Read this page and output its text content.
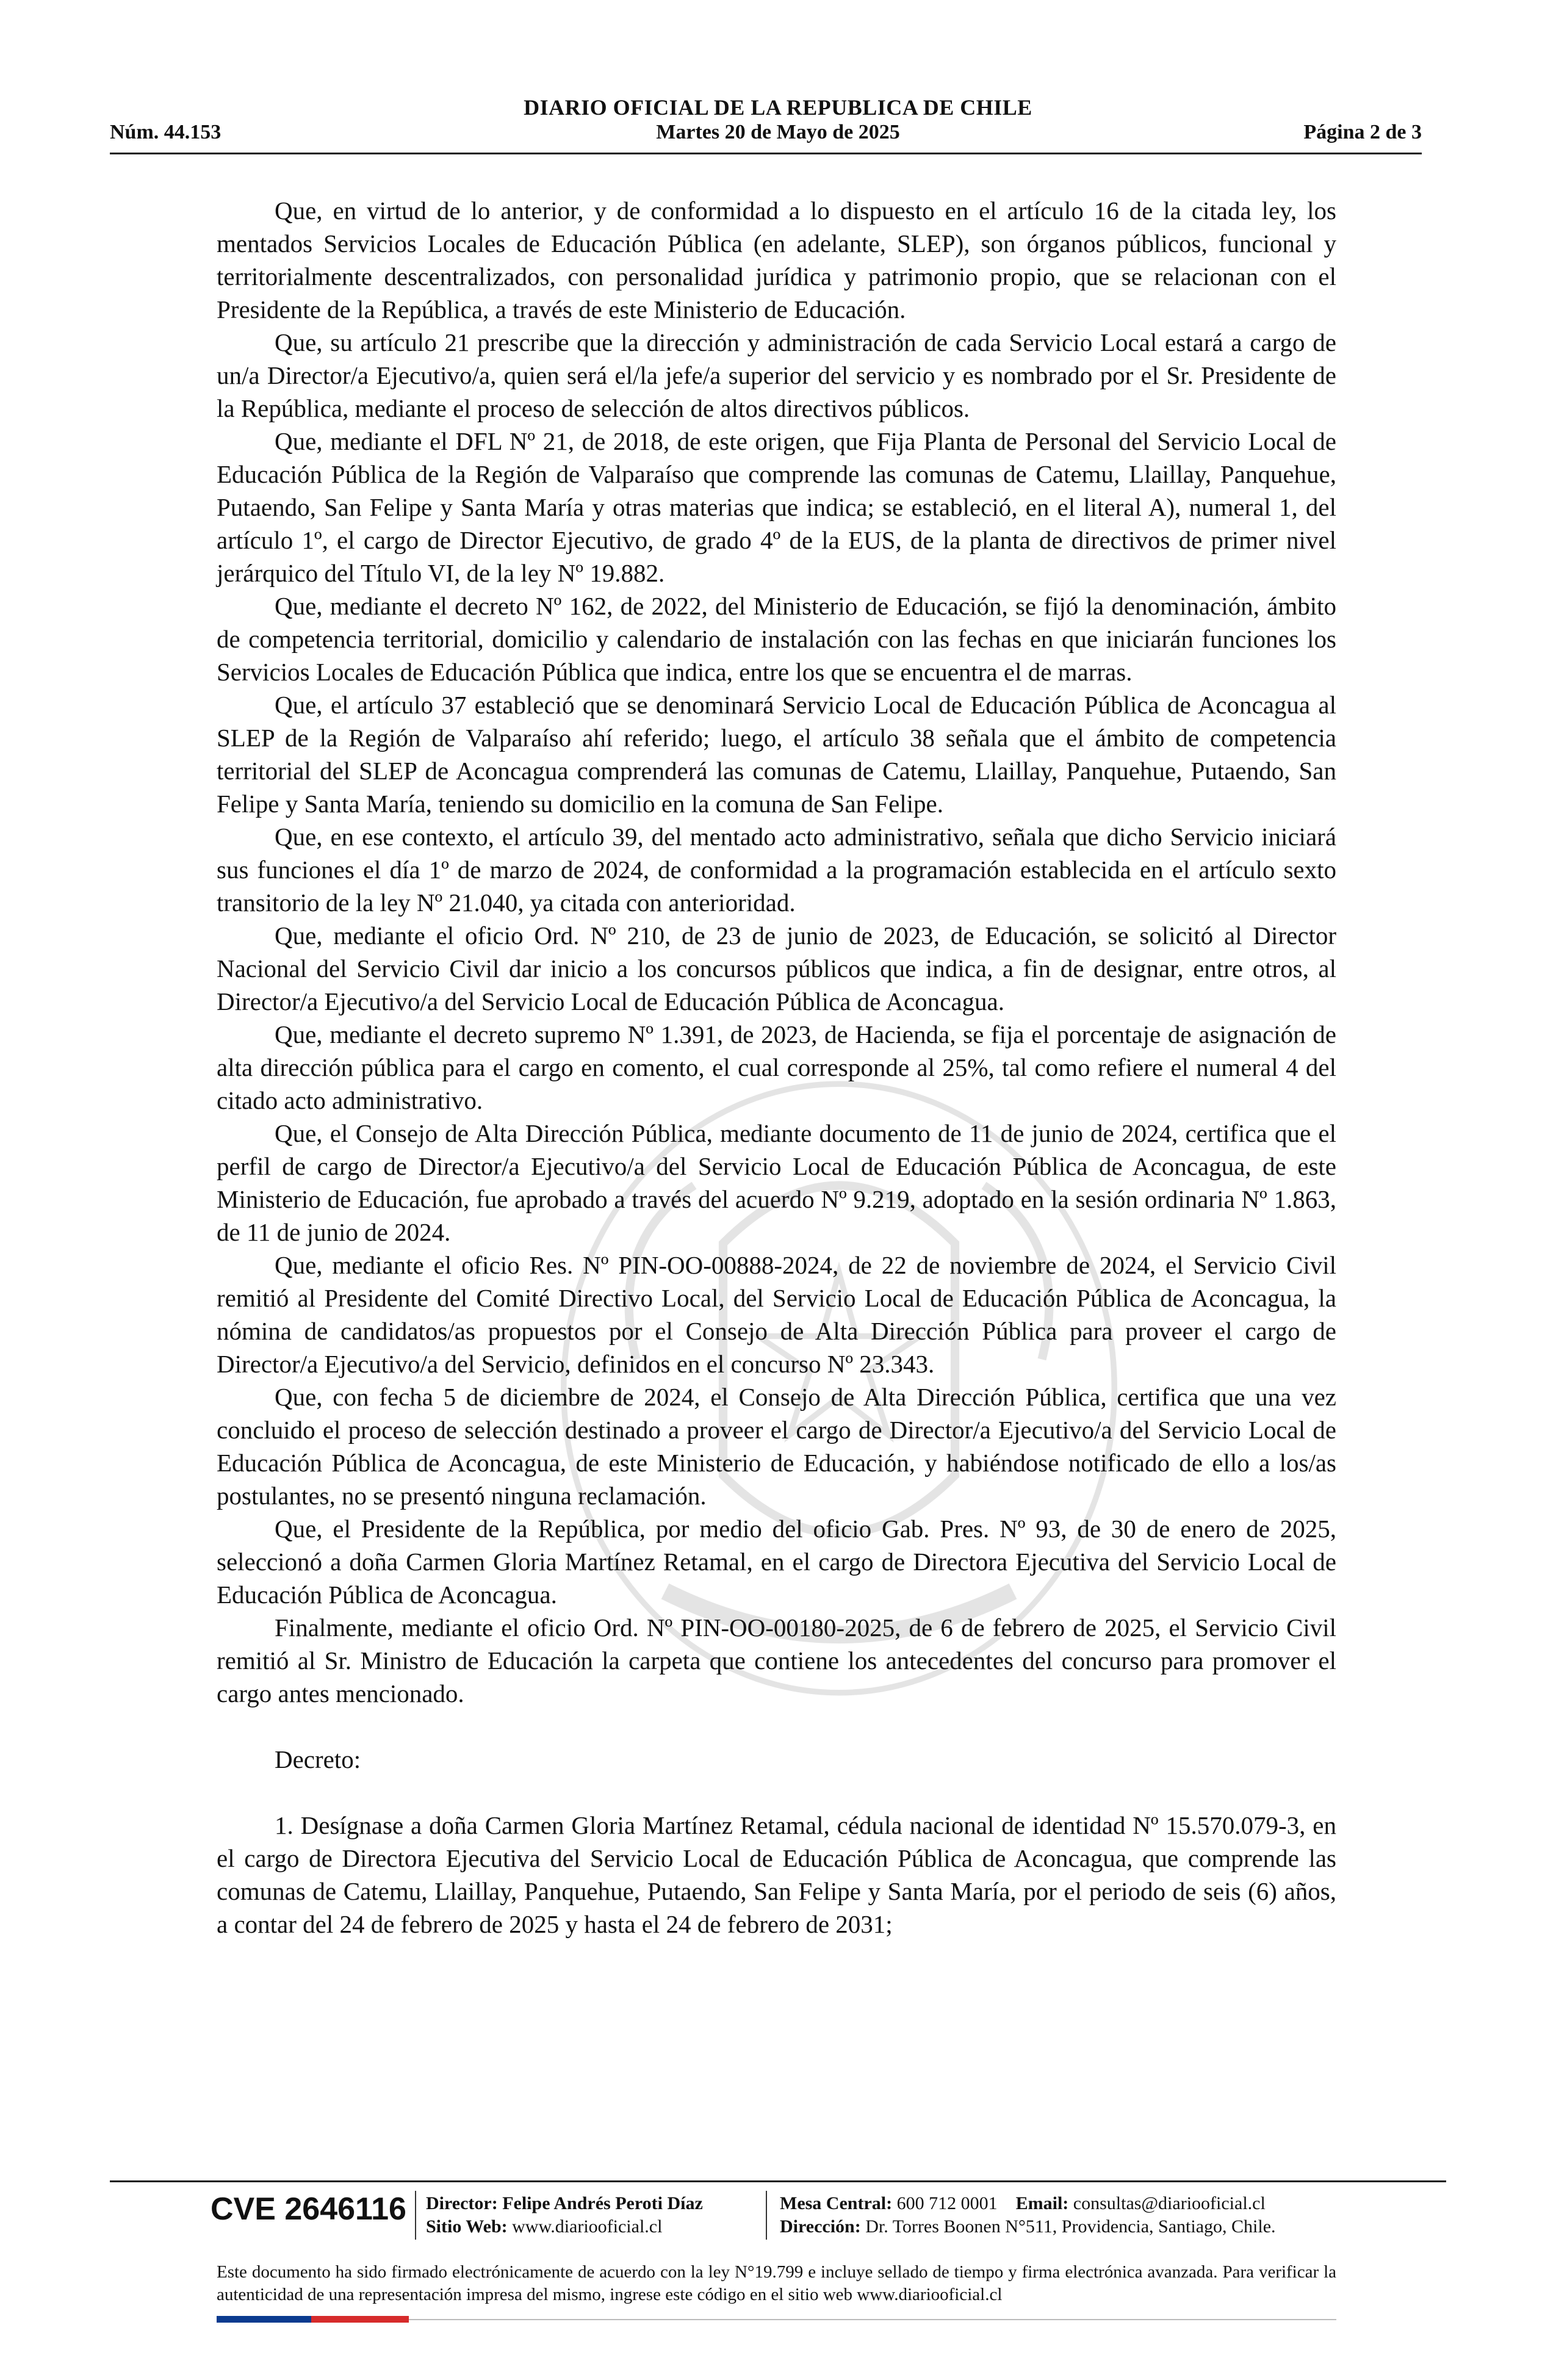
DIARIO OFICIAL DE LA REPUBLICA DE CHILE
Núm. 44.153	Martes 20 de Mayo de 2025	Página 2 de 3

Que, en virtud de lo anterior, y de conformidad a lo dispuesto en el artículo 16 de la citada ley, los mentados Servicios Locales de Educación Pública (en adelante, SLEP), son órganos públicos, funcional y territorialmente descentralizados, con personalidad jurídica y patrimonio propio, que se relacionan con el Presidente de la República, a través de este Ministerio de Educación.

Que, su artículo 21 prescribe que la dirección y administración de cada Servicio Local estará a cargo de un/a Director/a Ejecutivo/a, quien será el/la jefe/a superior del servicio y es nombrado por el Sr. Presidente de la República, mediante el proceso de selección de altos directivos públicos.

Que, mediante el DFL Nº 21, de 2018, de este origen, que Fija Planta de Personal del Servicio Local de Educación Pública de la Región de Valparaíso que comprende las comunas de Catemu, Llaillay, Panquehue, Putaendo, San Felipe y Santa María y otras materias que indica; se estableció, en el literal A), numeral 1, del artículo 1º, el cargo de Director Ejecutivo, de grado 4º de la EUS, de la planta de directivos de primer nivel jerárquico del Título VI, de la ley Nº 19.882.

Que, mediante el decreto Nº 162, de 2022, del Ministerio de Educación, se fijó la denominación, ámbito de competencia territorial, domicilio y calendario de instalación con las fechas en que iniciarán funciones los Servicios Locales de Educación Pública que indica, entre los que se encuentra el de marras.

Que, el artículo 37 estableció que se denominará Servicio Local de Educación Pública de Aconcagua al SLEP de la Región de Valparaíso ahí referido; luego, el artículo 38 señala que el ámbito de competencia territorial del SLEP de Aconcagua comprenderá las comunas de Catemu, Llaillay, Panquehue, Putaendo, San Felipe y Santa María, teniendo su domicilio en la comuna de San Felipe.

Que, en ese contexto, el artículo 39, del mentado acto administrativo, señala que dicho Servicio iniciará sus funciones el día 1º de marzo de 2024, de conformidad a la programación establecida en el artículo sexto transitorio de la ley Nº 21.040, ya citada con anterioridad.

Que, mediante el oficio Ord. Nº 210, de 23 de junio de 2023, de Educación, se solicitó al Director Nacional del Servicio Civil dar inicio a los concursos públicos que indica, a fin de designar, entre otros, al Director/a Ejecutivo/a del Servicio Local de Educación Pública de Aconcagua.

Que, mediante el decreto supremo Nº 1.391, de 2023, de Hacienda, se fija el porcentaje de asignación de alta dirección pública para el cargo en comento, el cual corresponde al 25%, tal como refiere el numeral 4 del citado acto administrativo.

Que, el Consejo de Alta Dirección Pública, mediante documento de 11 de junio de 2024, certifica que el perfil de cargo de Director/a Ejecutivo/a del Servicio Local de Educación Pública de Aconcagua, de este Ministerio de Educación, fue aprobado a través del acuerdo Nº 9.219, adoptado en la sesión ordinaria Nº 1.863, de 11 de junio de 2024.

Que, mediante el oficio Res. Nº PIN-OO-00888-2024, de 22 de noviembre de 2024, el Servicio Civil remitió al Presidente del Comité Directivo Local, del Servicio Local de Educación Pública de Aconcagua, la nómina de candidatos/as propuestos por el Consejo de Alta Dirección Pública para proveer el cargo de Director/a Ejecutivo/a del Servicio, definidos en el concurso Nº 23.343.

Que, con fecha 5 de diciembre de 2024, el Consejo de Alta Dirección Pública, certifica que una vez concluido el proceso de selección destinado a proveer el cargo de Director/a Ejecutivo/a del Servicio Local de Educación Pública de Aconcagua, de este Ministerio de Educación, y habiéndose notificado de ello a los/as postulantes, no se presentó ninguna reclamación.

Que, el Presidente de la República, por medio del oficio Gab. Pres. Nº 93, de 30 de enero de 2025, seleccionó a doña Carmen Gloria Martínez Retamal, en el cargo de Directora Ejecutiva del Servicio Local de Educación Pública de Aconcagua.

Finalmente, mediante el oficio Ord. Nº PIN-OO-00180-2025, de 6 de febrero de 2025, el Servicio Civil remitió al Sr. Ministro de Educación la carpeta que contiene los antecedentes del concurso para promover el cargo antes mencionado.

Decreto:

1. Desígnase a doña Carmen Gloria Martínez Retamal, cédula nacional de identidad Nº 15.570.079-3, en el cargo de Directora Ejecutiva del Servicio Local de Educación Pública de Aconcagua, que comprende las comunas de Catemu, Llaillay, Panquehue, Putaendo, San Felipe y Santa María, por el periodo de seis (6) años, a contar del 24 de febrero de 2025 y hasta el 24 de febrero de 2031;

CVE 2646116 Director: Felipe Andrés Peroti Díaz
Sitio Web: www.diariooficial.cl
Mesa Central: 600 712 0001 Email: consultas@diariooficial.cl
Dirección: Dr. Torres Boonen N°511, Providencia, Santiago, Chile.
Este documento ha sido firmado electrónicamente de acuerdo con la ley N°19.799 e incluye sellado de tiempo y firma electrónica avanzada. Para verificar la autenticidad de una representación impresa del mismo, ingrese este código en el sitio web www.diariooficial.cl
